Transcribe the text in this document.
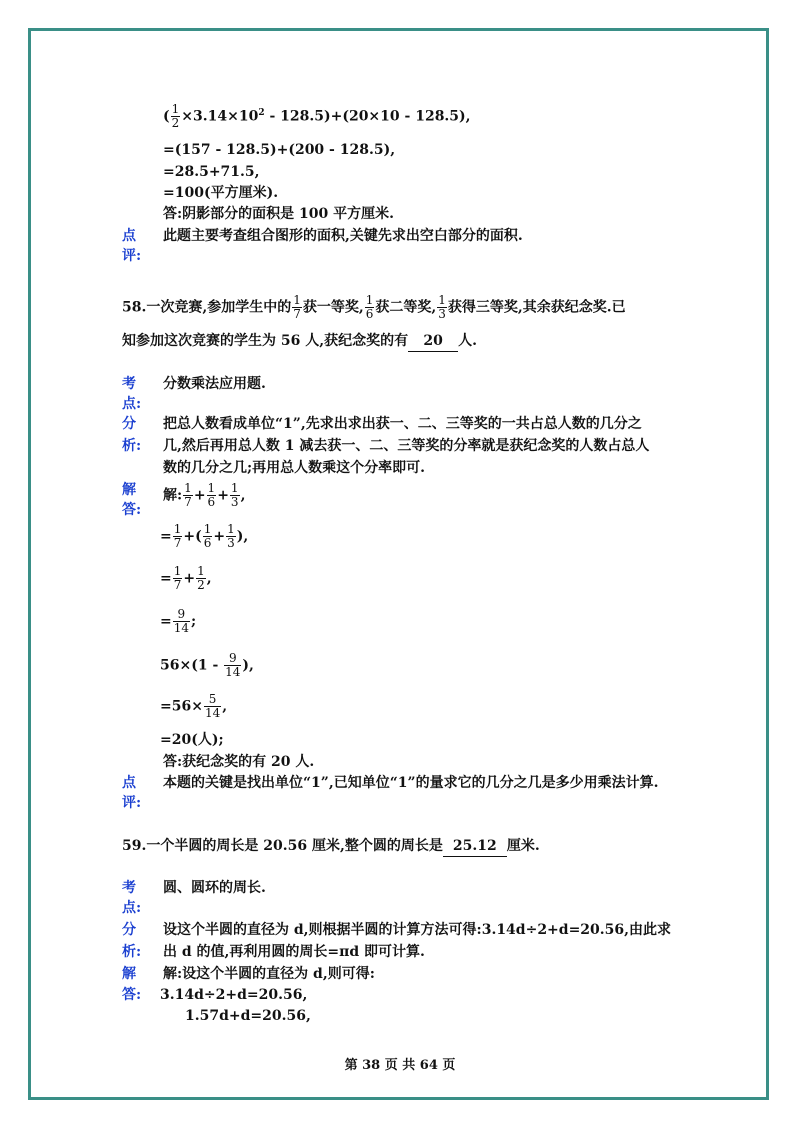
( $\frac{1}{2} \times 3.14\times 10^2 - 128.5)+(20\times 10 - 128.5)$,
=(157 - 128.5)+(200 - 128.5),
=28.5+71.5,
=100(平方厘米).
答:阴影部分的面积是 100 平方厘米.
点
评:
此题主要考查组合图形的面积,关键先求出空白部分的面积.
58.一次竞赛,参加学生中的 $\frac{1}{7}$ 获一等奖, $\frac{1}{6}$ 获二等奖, $\frac{1}{3}$ 获得三等奖,其余获纪念奖.已
知参加这次竞赛的学生为 56 人,获纪念奖的有 20 人.
考
点:
分数乘法应用题.
分
析:
把总人数看成单位“1”,先求出求出获一、二、三等奖的一共占总人数的几分之
几,然后再用总人数 1 减去获一、二、三等奖的分率就是获纪念奖的人数占总人
数的几分之几;再用总人数乘这个分率即可.
解
答:
解: $\frac{1}{7} + \frac{1}{6} + \frac{1}{3}$ ,
= $\frac{1}{7}$ +( $\frac{1}{6} + \frac{1}{3}$ ),
= $\frac{1}{7} + \frac{1}{2}$ ,
= $\frac{9}{14}$ ;
$56\times(1 - \frac{9}{14}$ ),
$=56\times \frac{5}{14}$ ,
=20(人);
答:获纪念奖的有 20 人.
点
评:
本题的关键是找出单位“1”,已知单位“1”的量求它的几分之几是多少用乘法计算.
59.一个半圆的周长是 20.56 厘米,整个圆的周长是 25.12 厘米.
考
点:
圆、圆环的周长.
分
析:
设这个半圆的直径为 d,则根据半圆的计算方法可得:3.14d÷2+d=20.56,由此求
出 d 的值,再利用圆的周长=πd 即可计算.
解
答:
解:设这个半圆的直径为 d,则可得:
3.14d÷2+d=20.56,
1.57d+d=20.56,
第 38 页 共 64 页
